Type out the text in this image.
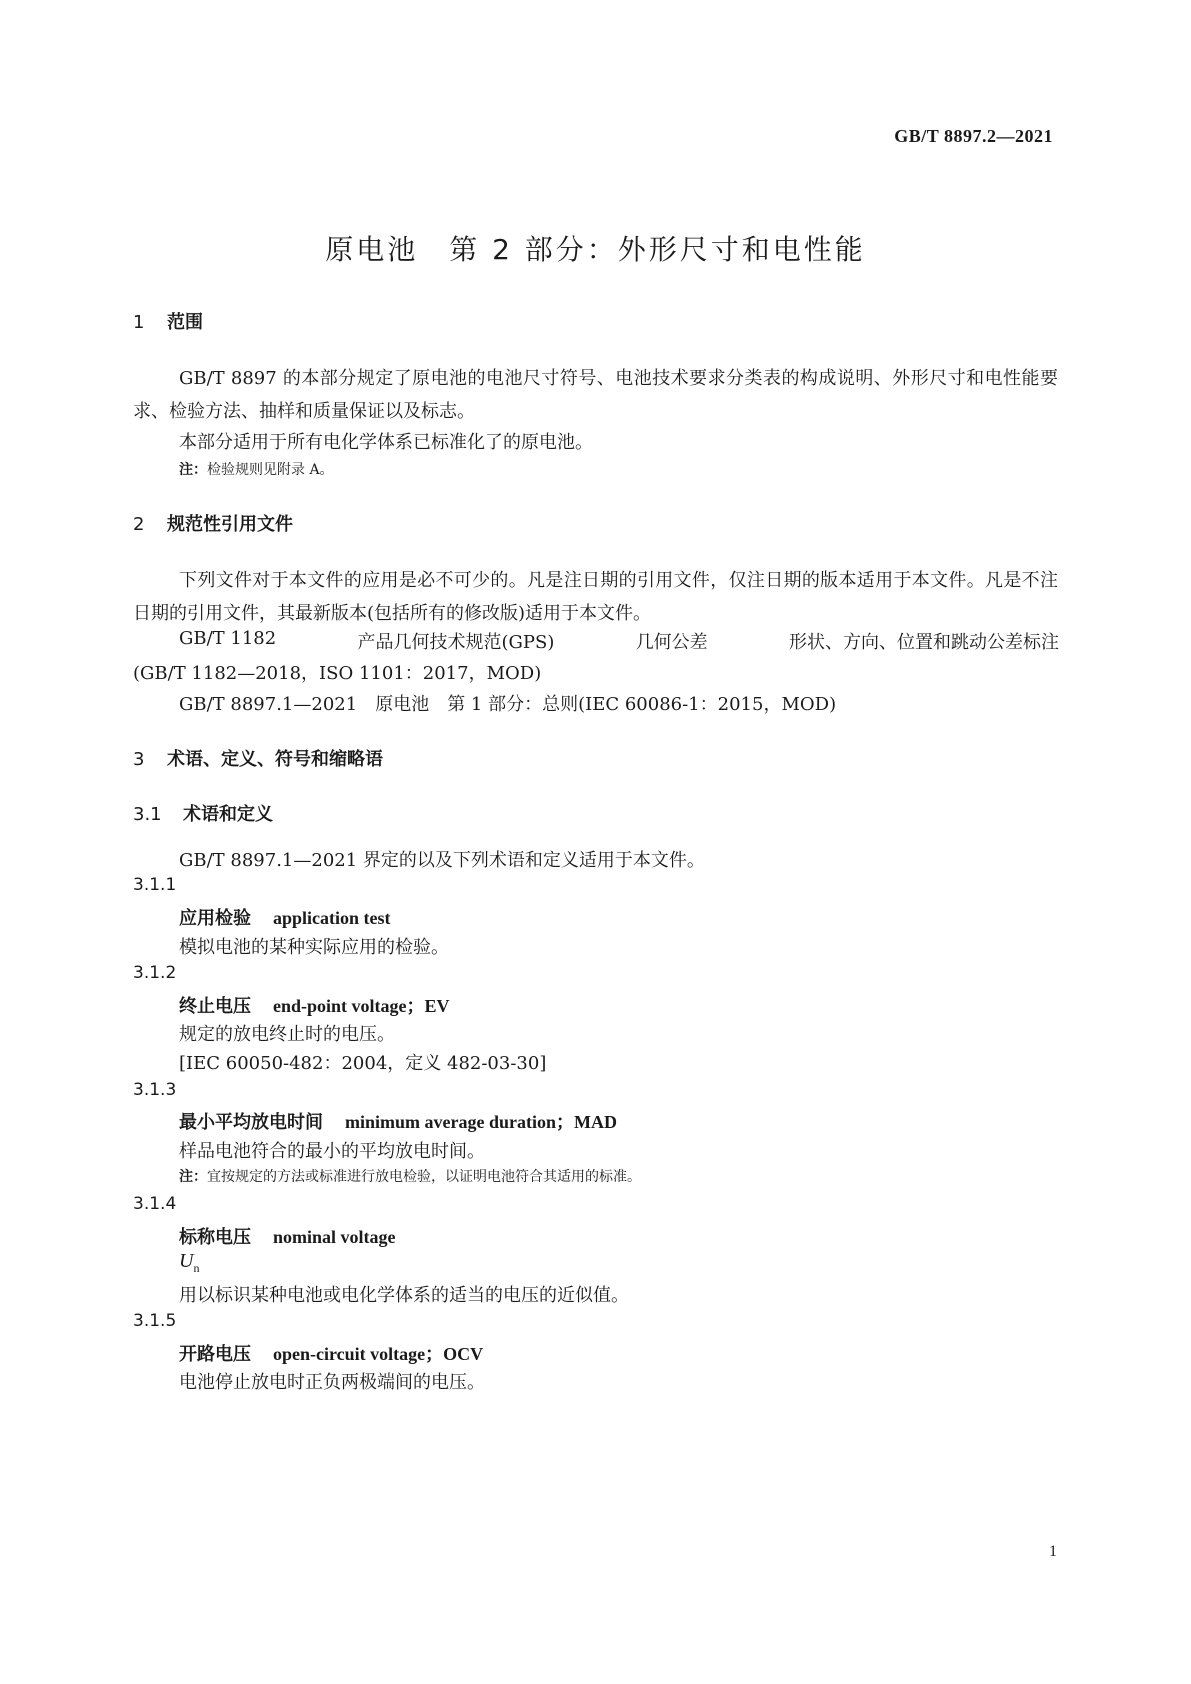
GB/T 8897.2—2021
原电池　第 2 部分：外形尺寸和电性能
1 范围
GB/T 8897 的本部分规定了原电池的电池尺寸符号、电池技术要求分类表的构成说明、外形尺寸和电性能要求、检验方法、抽样和质量保证以及标志。
本部分适用于所有电化学体系已标准化了的原电池。
注：检验规则见附录 A。
2 规范性引用文件
下列文件对于本文件的应用是必不可少的。凡是注日期的引用文件，仅注日期的版本适用于本文件。凡是不注日期的引用文件，其最新版本(包括所有的修改版)适用于本文件。
GB/T 1182	产品几何技术规范(GPS)	几何公差	形状、方向、位置和跳动公差标注
(GB/T 1182—2018，ISO 1101：2017，MOD)
GB/T 8897.1—2021　原电池　第 1 部分：总则(IEC 60086-1：2015，MOD)
3 术语、定义、符号和缩略语
3.1 术语和定义
GB/T 8897.1—2021 界定的以及下列术语和定义适用于本文件。
3.1.1
应用检验 application test
模拟电池的某种实际应用的检验。
3.1.2
终止电压 end-point voltage；EV
规定的放电终止时的电压。
[IEC 60050-482：2004，定义 482-03-30]
3.1.3
最小平均放电时间 minimum average duration；MAD
样品电池符合的最小的平均放电时间。
注：宜按规定的方法或标准进行放电检验，以证明电池符合其适用的标准。
3.1.4
标称电压 nominal voltage
$U_n$
用以标识某种电池或电化学体系的适当的电压的近似值。
3.1.5
开路电压 open-circuit voltage；OCV
电池停止放电时正负两极端间的电压。
1
